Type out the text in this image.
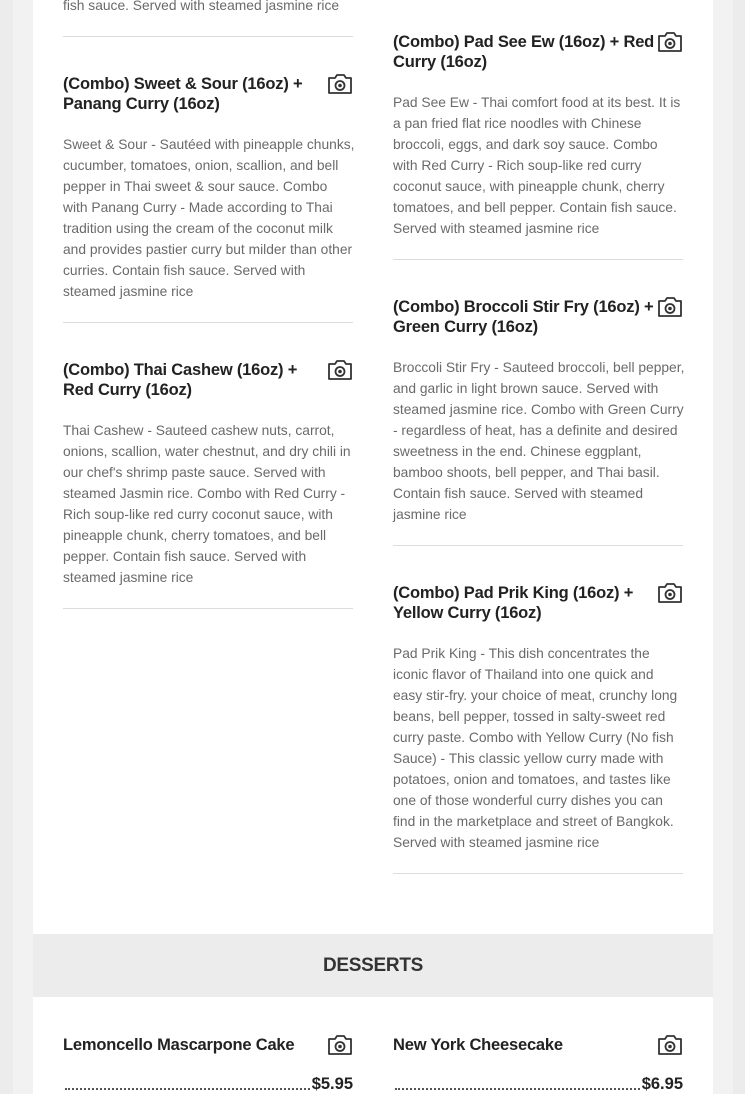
fish sauce. Served with steamed jasmine rice
(Combo) Sweet & Sour (16oz) + Panang Curry (16oz)

Sweet & Sour - Sautéed with pineapple chunks, cucumber, tomatoes, onion, scallion, and bell pepper in Thai sweet & sour sauce. Combo with Panang Curry - Made according to Thai tradition using the cream of the coconut milk and provides pastier curry but milder than other curries. Contain fish sauce. Served with steamed jasmine rice

(Combo) Thai Cashew (16oz) + Red Curry (16oz)

Thai Cashew - Sauteed cashew nuts, carrot, onions, scallion, water chestnut, and dry chili in our chef's shrimp paste sauce. Served with steamed Jasmin rice. Combo with Red Curry - Rich soup-like red curry coconut sauce, with pineapple chunk, cherry tomatoes, and bell pepper. Contain fish sauce. Served with steamed jasmine rice

(Combo) Pad See Ew (16oz) + Red Curry (16oz)

Pad See Ew - Thai comfort food at its best. It is a pan fried flat rice noodles with Chinese broccoli, eggs, and dark soy sauce. Combo with Red Curry - Rich soup-like red curry coconut sauce, with pineapple chunk, cherry tomatoes, and bell pepper. Contain fish sauce. Served with steamed jasmine rice

(Combo) Broccoli Stir Fry (16oz) + Green Curry (16oz)

Broccoli Stir Fry - Sauteed broccoli, bell pepper, and garlic in light brown sauce. Served with steamed jasmine rice. Combo with Green Curry - regardless of heat, has a definite and desired sweetness in the end. Chinese eggplant, bamboo shoots, bell pepper, and Thai basil. Contain fish sauce. Served with steamed jasmine rice

(Combo) Pad Prik King (16oz) + Yellow Curry (16oz)

Pad Prik King - This dish concentrates the iconic flavor of Thailand into one quick and easy stir-fry. your choice of meat, crunchy long beans, bell pepper, tossed in salty-sweet red curry paste. Combo with Yellow Curry (No fish Sauce) - This classic yellow curry made with potatoes, onion and tomatoes, and tastes like one of those wonderful curry dishes you can find in the marketplace and street of Bangkok. Served with steamed jasmine rice

DESSERTS
Lemoncello Mascarpone Cake
$5.95
New York Cheesecake
$6.95
